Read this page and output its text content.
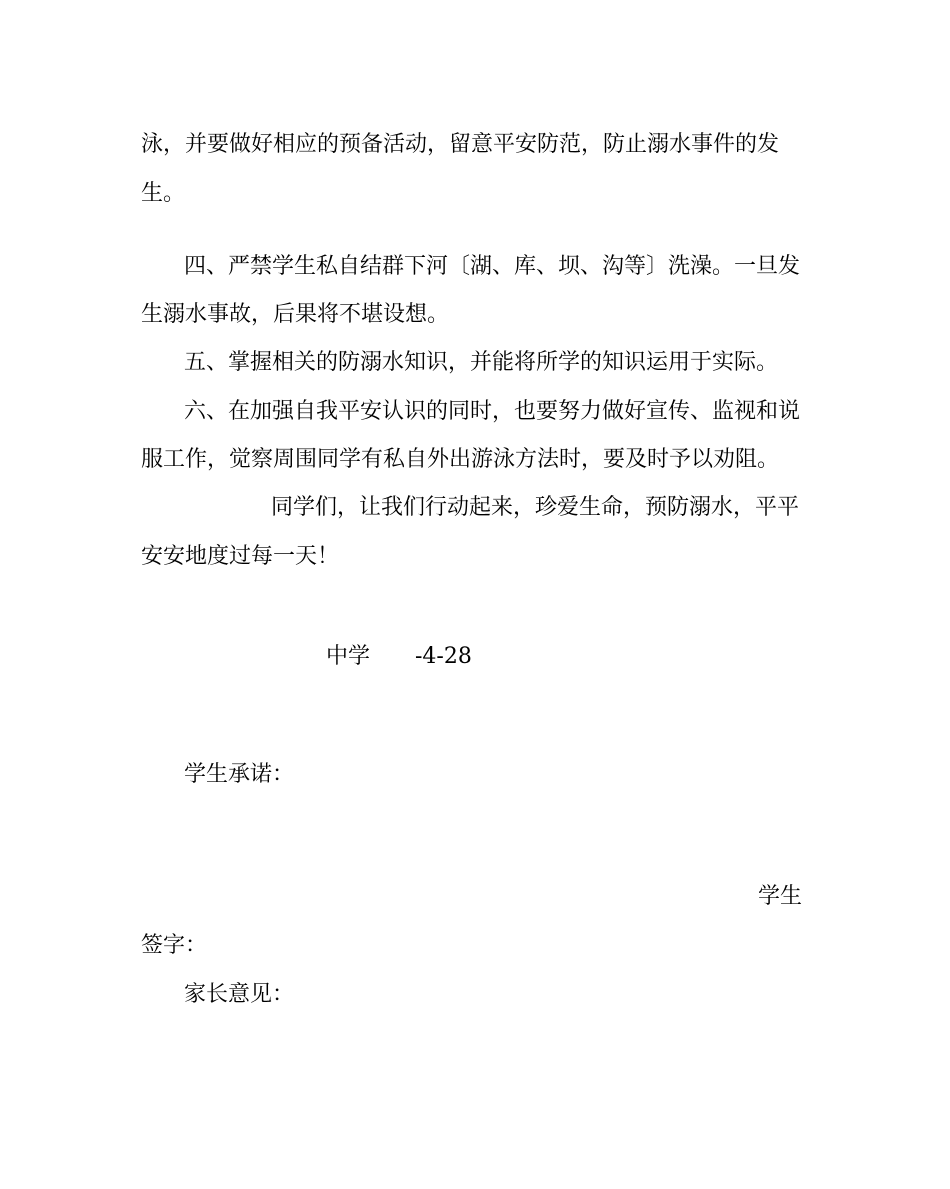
泳，并要做好相应的预备活动，留意平安防范，防止溺水事件的发

生。

四、严禁学生私自结群下河〔湖、库、坝、沟等〕洗澡。一旦发

生溺水事故，后果将不堪设想。

五、掌握相关的防溺水知识，并能将所学的知识运用于实际。

六、在加强自我平安认识的同时，也要努力做好宣传、监视和说

服工作，觉察周围同学有私自外出游泳方法时，要及时予以劝阻。

同学们，让我们行动起来，珍爱生命，预防溺水，平平

安安地度过每一天！

中学 -4-28

学生承诺：

学生

签字：

家长意见：
